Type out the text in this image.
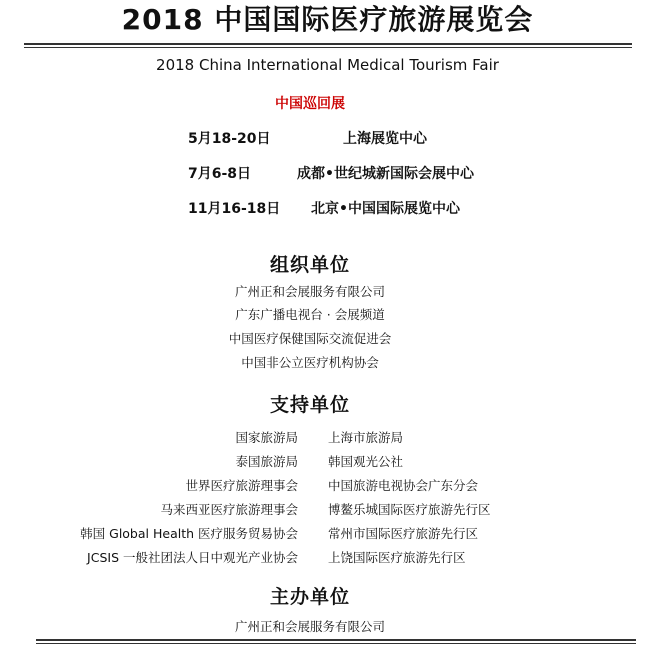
2018 中国国际医疗旅游展览会
2018 China International Medical Tourism Fair
中国巡回展
5月18-20日	上海展览中心
7月6-8日	成都•世纪城新国际会展中心
11月16-18日 北京•中国国际展览中心
组织单位
广州正和会展服务有限公司
广东广播电视台 · 会展频道
中国医疗保健国际交流促进会
中国非公立医疗机构协会
支持单位
国家旅游局 上海市旅游局
泰国旅游局 韩国观光公社
世界医疗旅游理事会 中国旅游电视协会广东分会
马来西亚医疗旅游理事会 博鳌乐城国际医疗旅游先行区
韩国 Global Health 医疗服务贸易协会 常州市国际医疗旅游先行区
JCSIS 一般社团法人日中观光产业协会 上饶国际医疗旅游先行区
主办单位
广州正和会展服务有限公司
